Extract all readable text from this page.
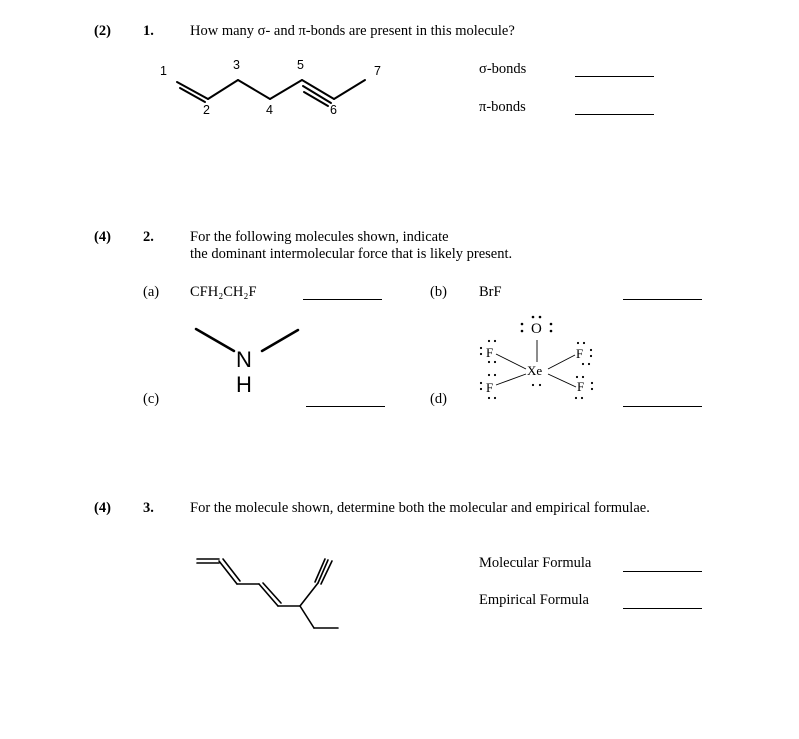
(2) 1. How many σ- and π-bonds are present in this molecule?
1
2
3
4
5
6
7	σ-bonds
π-bonds
(4) 2. For the following molecules shown, indicate
the dominant intermolecular force that is likely present.
(a) CFH₂CH₂F	(b) BrF
N
H
(c)
O
Xe
F
F
F
F
(d)
(4) 3. For the molecule shown, determine both the molecular and empirical formulae.
Molecular Formula
Empirical Formula
